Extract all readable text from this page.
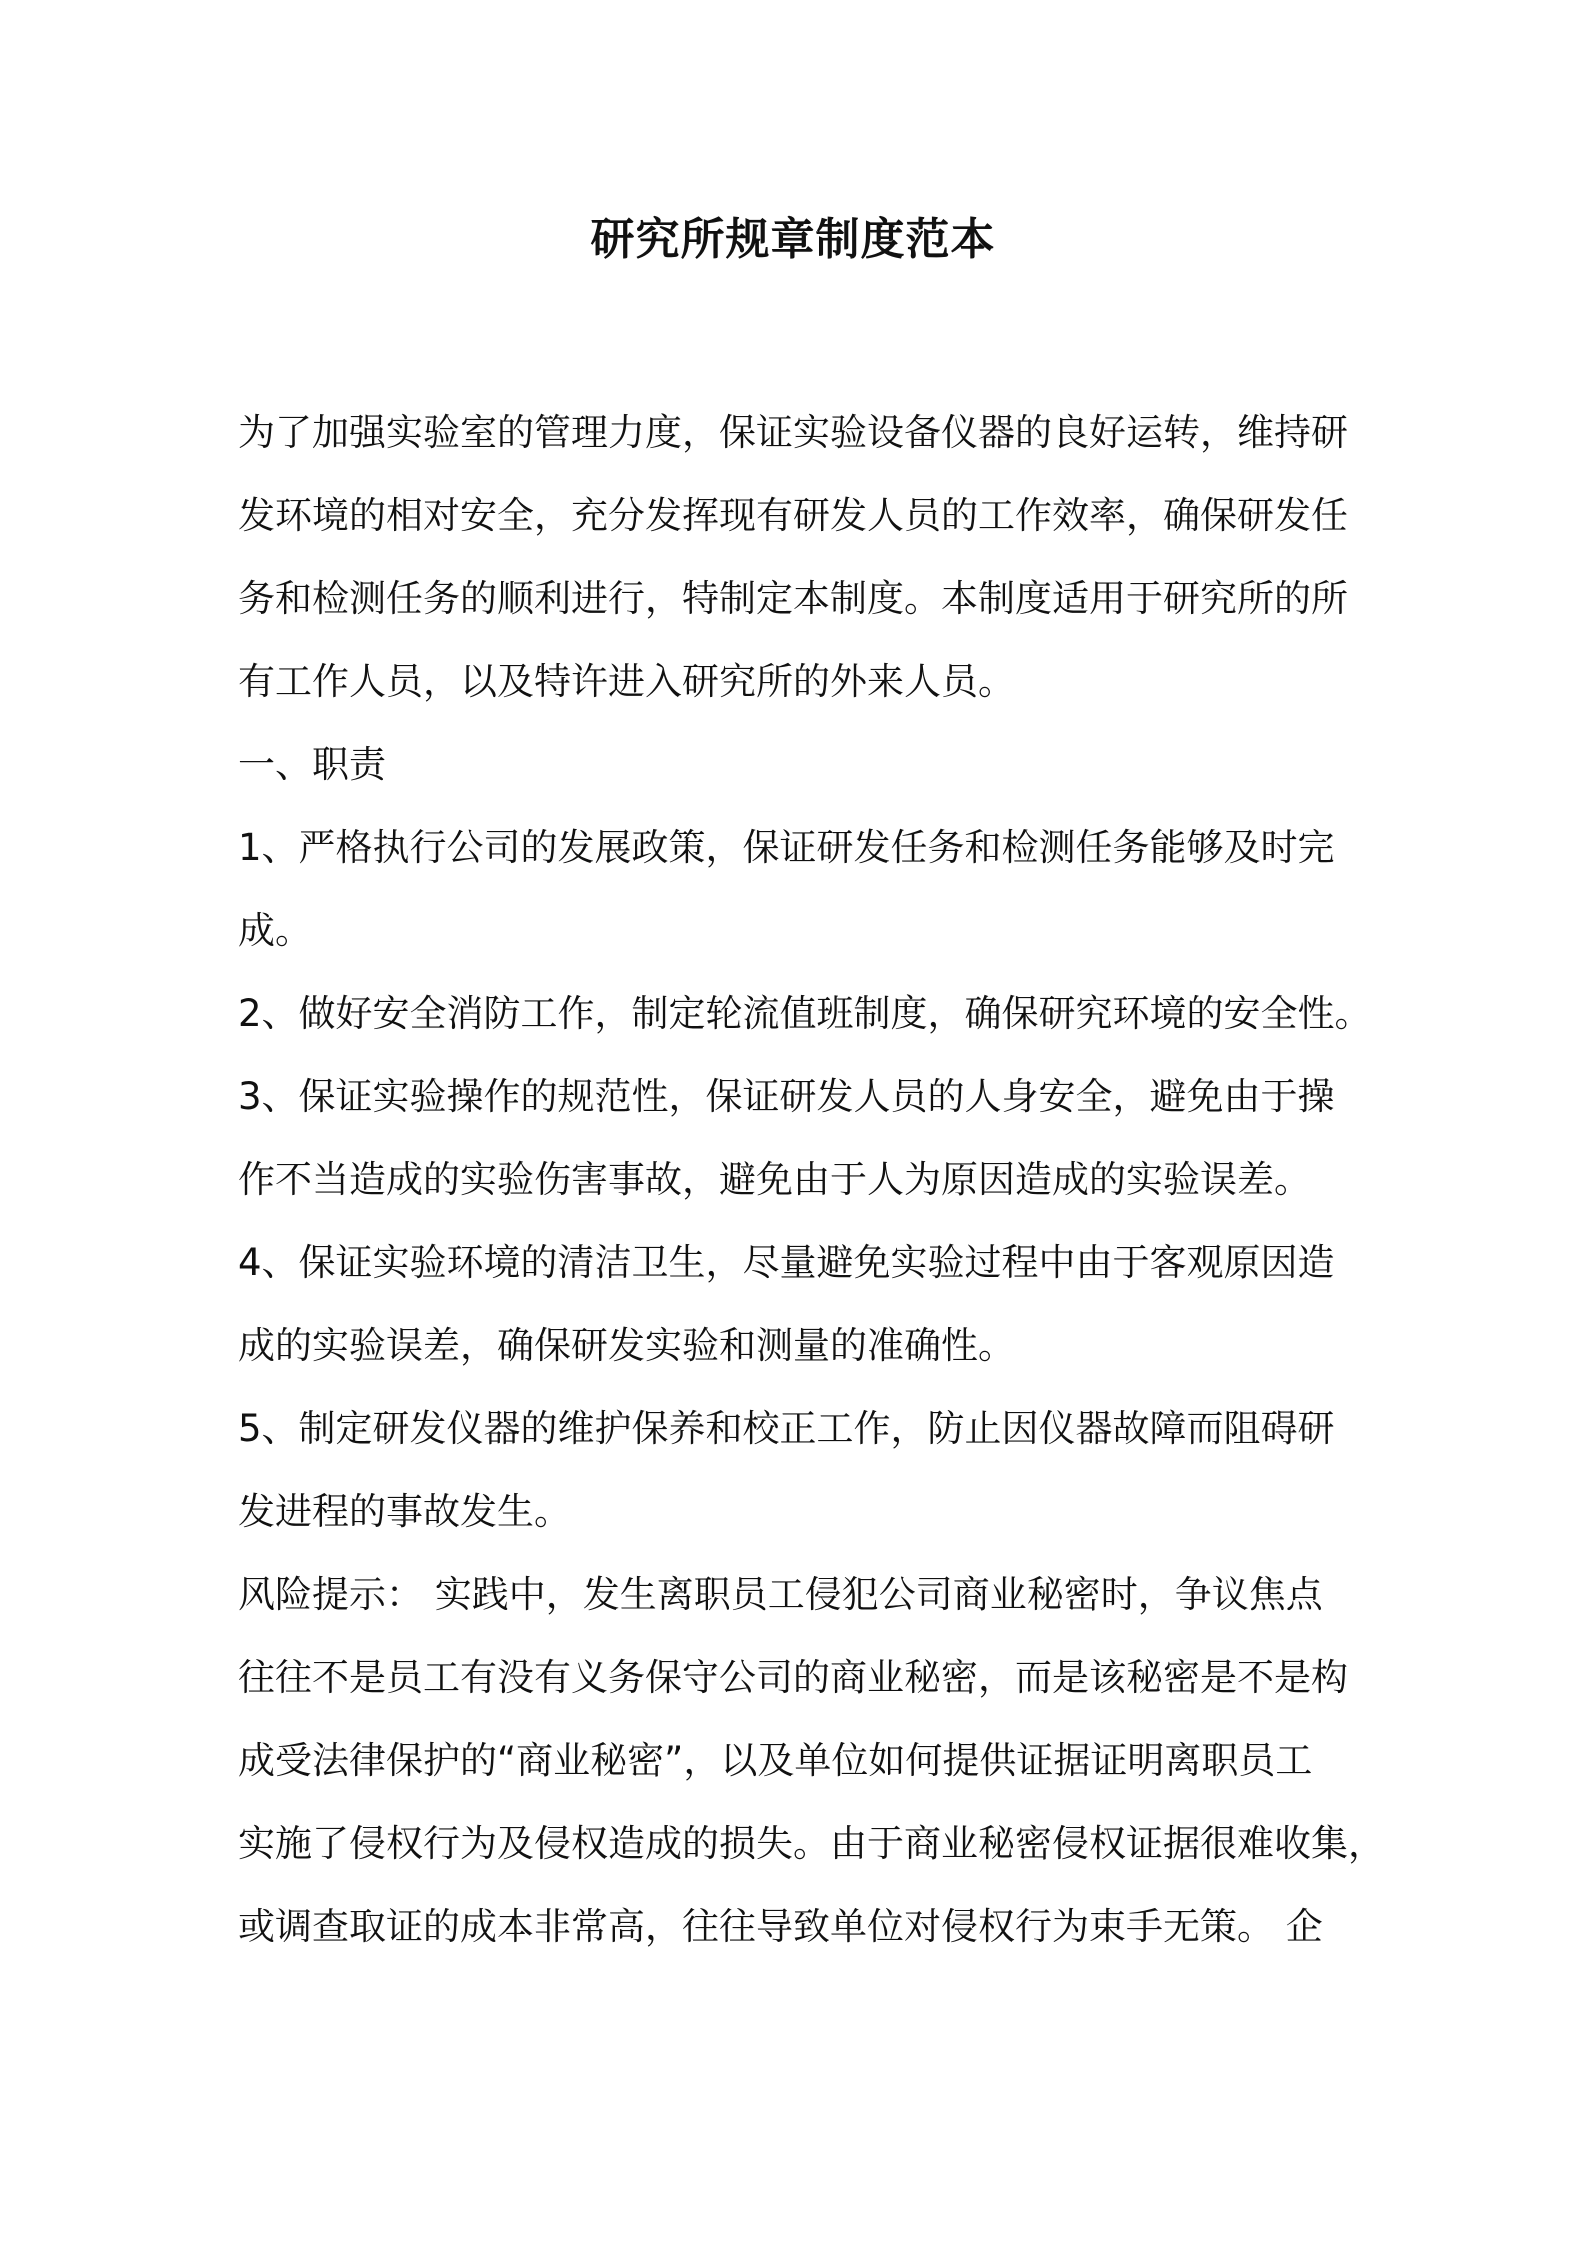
研究所规章制度范本
为了加强实验室的管理力度，保证实验设备仪器的良好运转，维持研
发环境的相对安全，充分发挥现有研发人员的工作效率，确保研发任
务和检测任务的顺利进行，特制定本制度。本制度适用于研究所的所
有工作人员，以及特许进入研究所的外来人员。
一、职责
1、严格执行公司的发展政策，保证研发任务和检测任务能够及时完
成。
2、做好安全消防工作，制定轮流值班制度，确保研究环境的安全性。
3、保证实验操作的规范性，保证研发人员的人身安全，避免由于操
作不当造成的实验伤害事故，避免由于人为原因造成的实验误差。
4、保证实验环境的清洁卫生，尽量避免实验过程中由于客观原因造
成的实验误差，确保研发实验和测量的准确性。
5、制定研发仪器的维护保养和校正工作，防止因仪器故障而阻碍研
发进程的事故发生。
风险提示： 实践中，发生离职员工侵犯公司商业秘密时，争议焦点
往往不是员工有没有义务保守公司的商业秘密，而是该秘密是不是构
成受法律保护的“商业秘密”，以及单位如何提供证据证明离职员工
实施了侵权行为及侵权造成的损失。由于商业秘密侵权证据很难收集，
或调查取证的成本非常高，往往导致单位对侵权行为束手无策。 企
